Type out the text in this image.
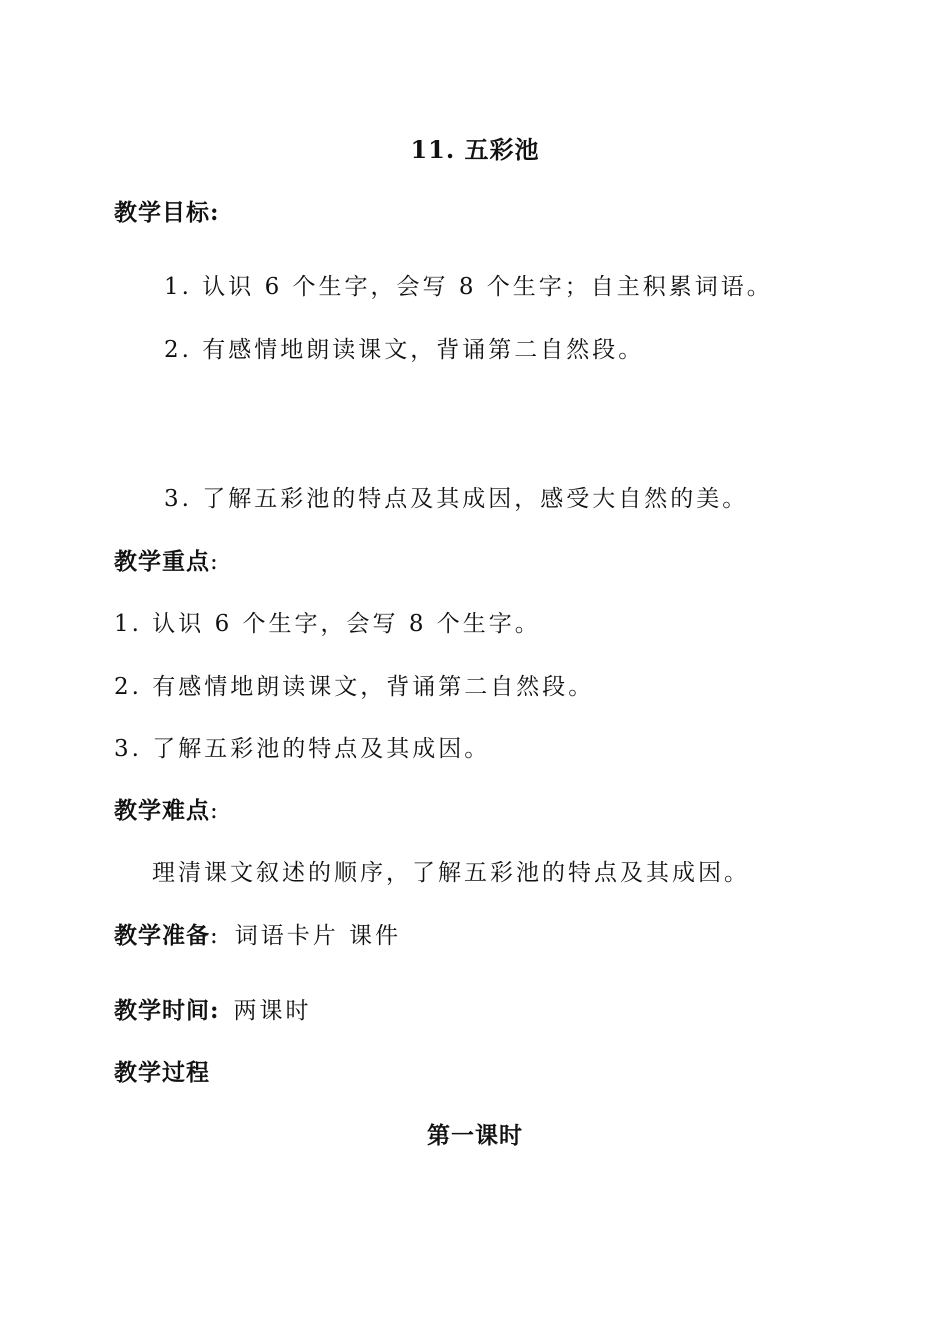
11. 五彩池
教学目标:
1. 认识 6 个生字，会写 8 个生字；自主积累词语。
2. 有感情地朗读课文，背诵第二自然段。
3. 了解五彩池的特点及其成因，感受大自然的美。
教学重点:
1. 认识 6 个生字，会写 8 个生字。
2. 有感情地朗读课文，背诵第二自然段。
3. 了解五彩池的特点及其成因。
教学难点:
理清课文叙述的顺序，了解五彩池的特点及其成因。
教学准备: 词语卡片 课件
教学时间: 两课时
教学过程
第一课时
